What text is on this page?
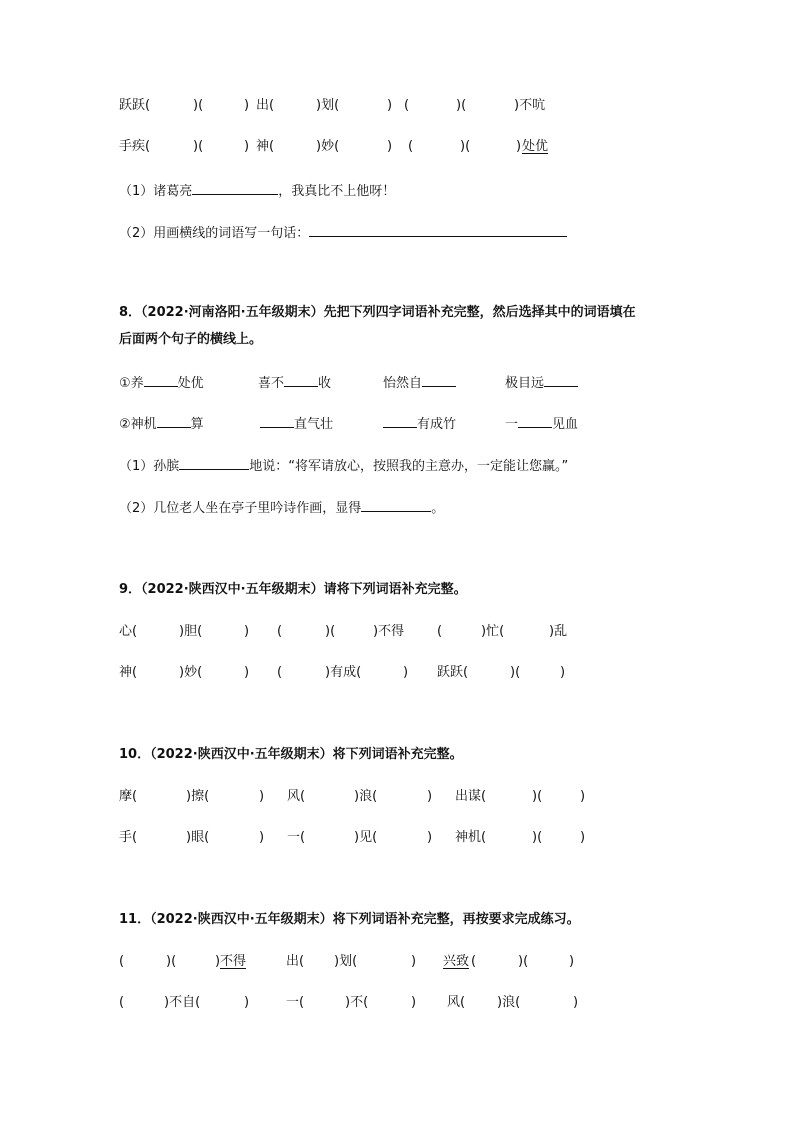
跃跃(	)(	) 出(	)划(	) (	)(	)不吭
手疾(	)(	) 神(	)妙(	) (	)(	) 处优
（1）诸葛亮	，我真比不上他呀！
（2）用画横线的词语写一句话：
8．（2022·河南洛阳·五年级期末）先把下列四字词语补充完整，然后选择其中的词语填在
后面两个句子的横线上。
①养	处优	喜不	收	怡然自	极目远
②神机	算	直气壮	有成竹	一	见血
（1）孙膑	地说：“将军请放心，按照我的主意办，一定能让您赢。”
（2）几位老人坐在亭子里吟诗作画，显得	。
9．（2022·陕西汉中·五年级期末）请将下列词语补充完整。
心(	)胆(	) (	)(	)不得	(	)忙(	)乱
神(	)妙(	) (	)有成(	) 跃跃(	)(	)
10．（2022·陕西汉中·五年级期末）将下列词语补充完整。
摩(	)擦(	) 风(	)浪(	) 出谋(	)(	)
手(	)眼(	) 一(	)见(	) 神机(	)(	)
11．（2022·陕西汉中·五年级期末）将下列词语补充完整，再按要求完成练习。
(	)(	) 不得	出( )划(	) 兴致 (	)(	)
(	)不自(	)	一(	)不(	) 风( )浪(	)
